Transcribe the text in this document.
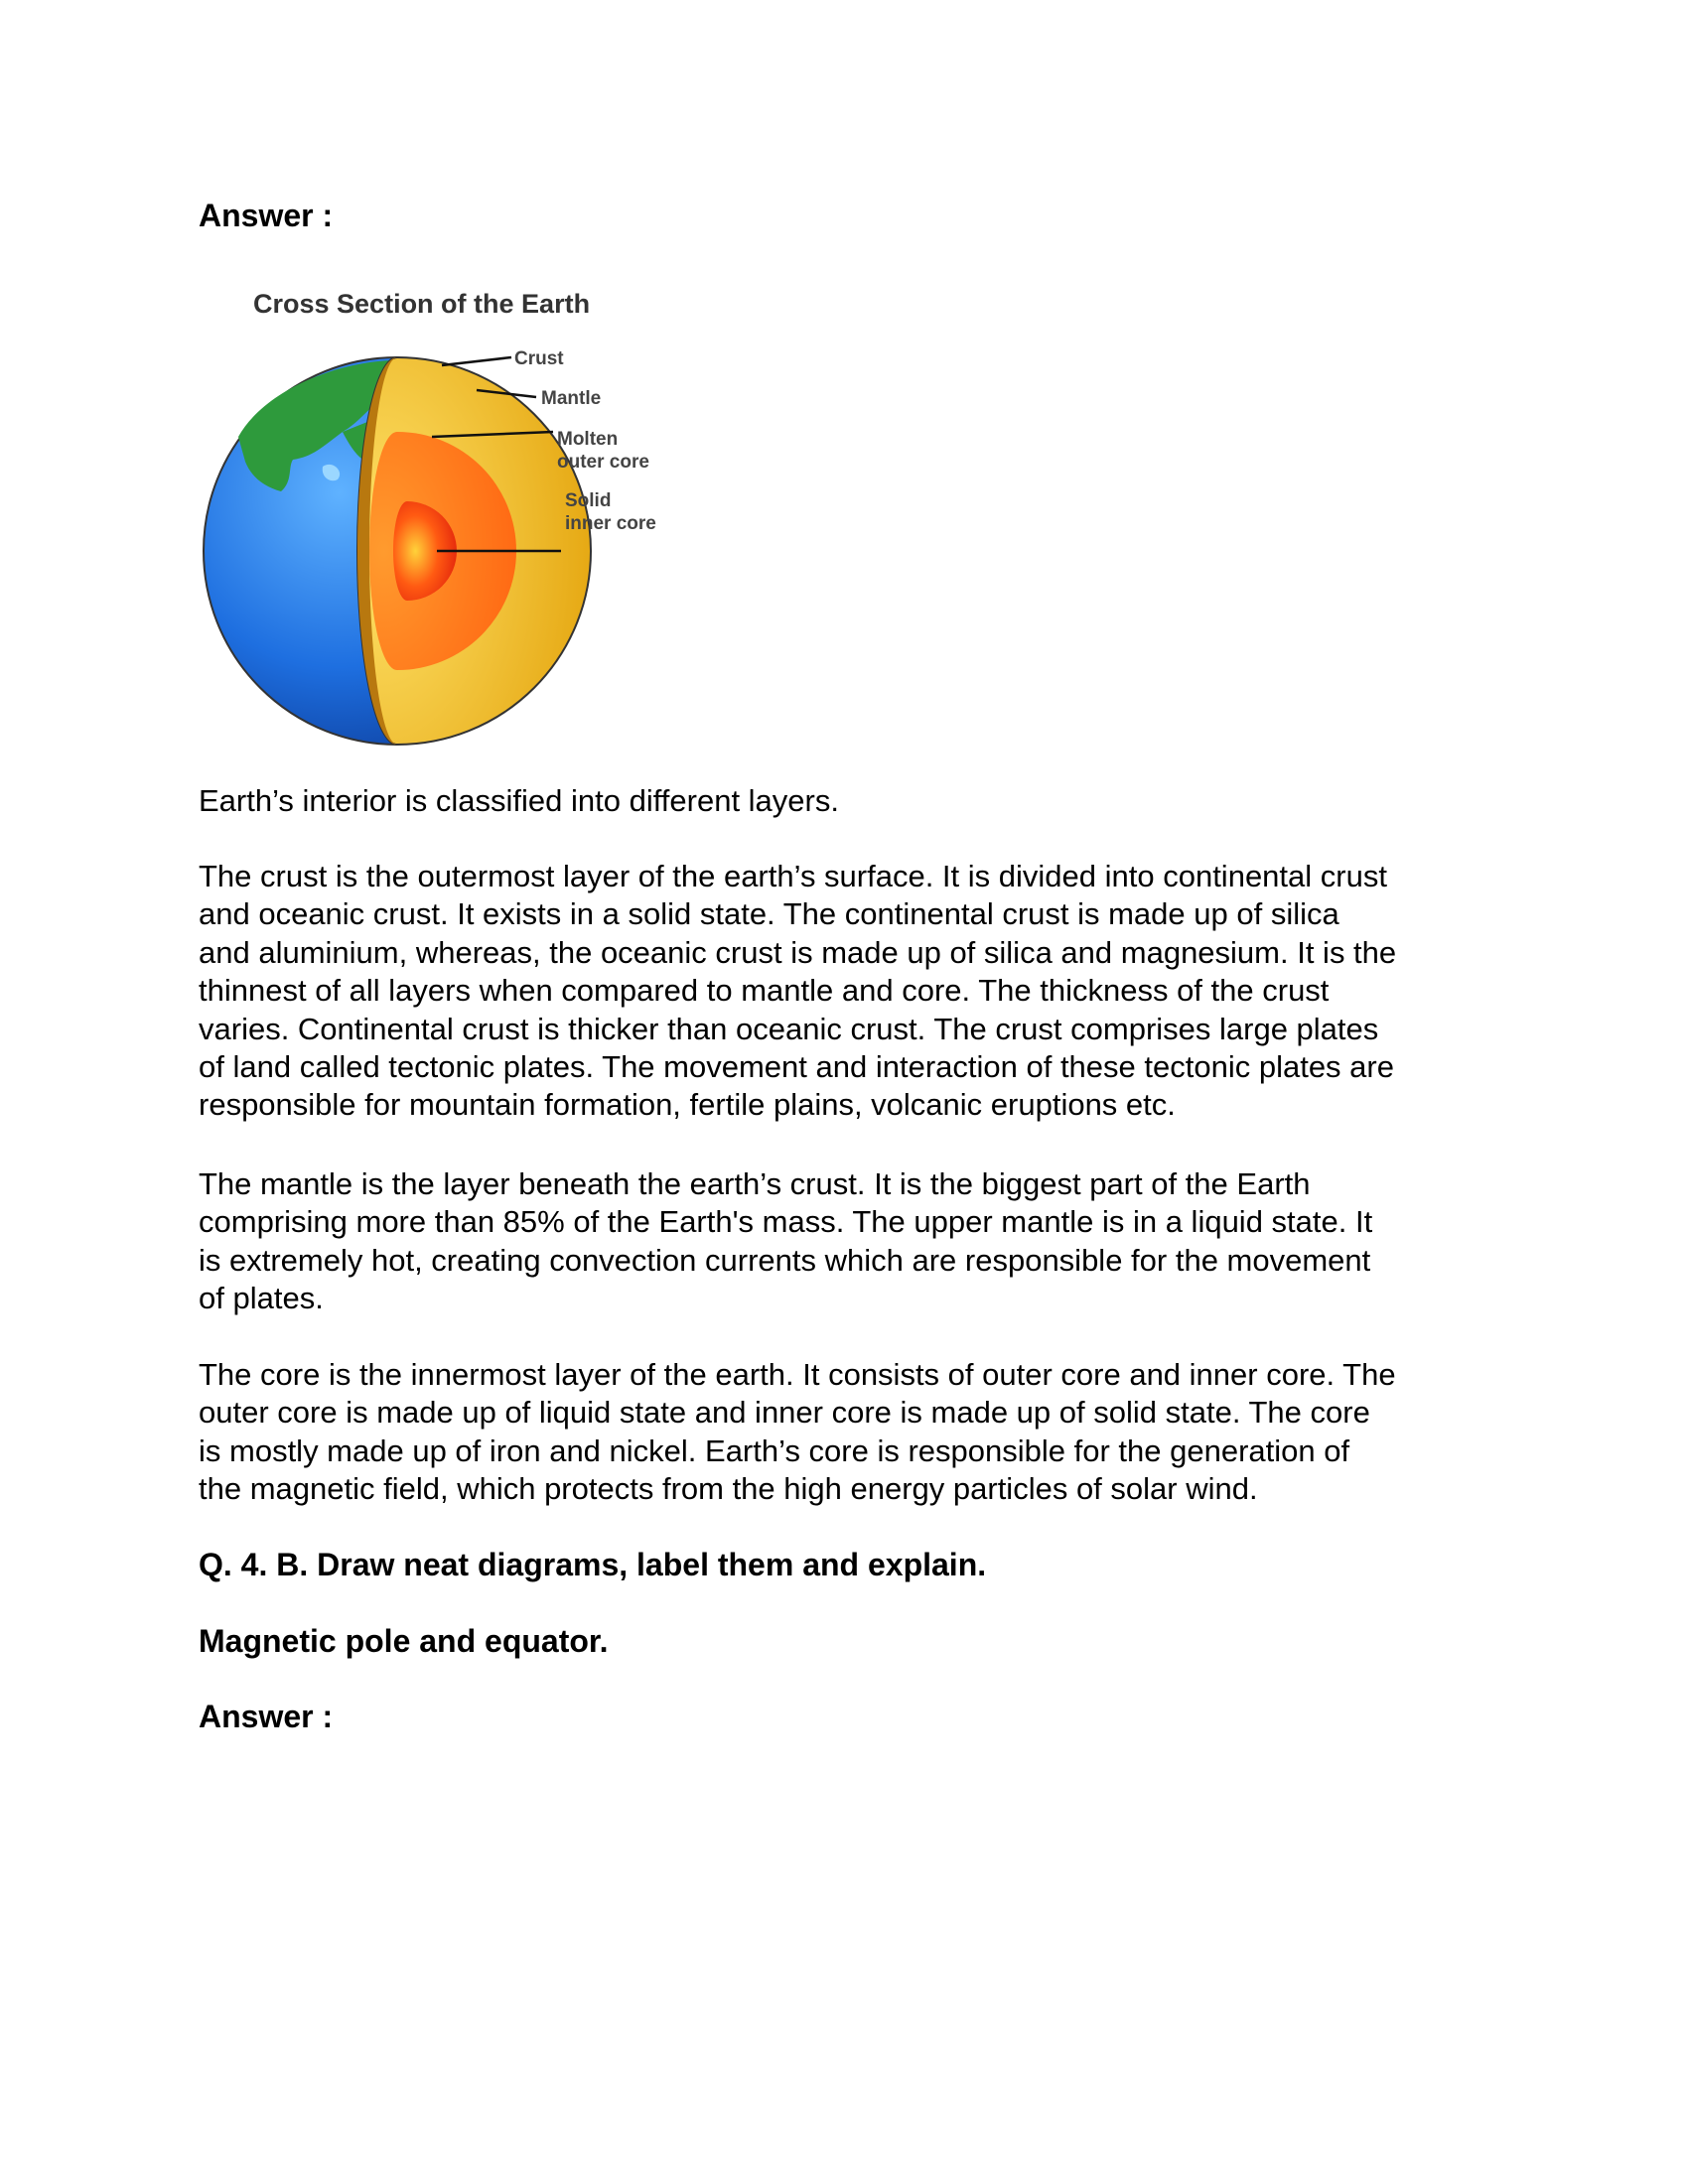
Answer :

Cross Section of the Earth
Crust
Mantle
Molten
outer core
Solid
inner core

Earth’s interior is classified into different layers.

The crust is the outermost layer of the earth’s surface. It is divided into continental crust
and oceanic crust. It exists in a solid state. The continental crust is made up of silica
and aluminium, whereas, the oceanic crust is made up of silica and magnesium. It is the
thinnest of all layers when compared to mantle and core. The thickness of the crust
varies. Continental crust is thicker than oceanic crust. The crust comprises large plates
of land called tectonic plates. The movement and interaction of these tectonic plates are
responsible for mountain formation, fertile plains, volcanic eruptions etc.

The mantle is the layer beneath the earth’s crust. It is the biggest part of the Earth
comprising more than 85% of the Earth's mass. The upper mantle is in a liquid state. It
is extremely hot, creating convection currents which are responsible for the movement
of plates.

The core is the innermost layer of the earth. It consists of outer core and inner core. The
outer core is made up of liquid state and inner core is made up of solid state. The core
is mostly made up of iron and nickel. Earth’s core is responsible for the generation of
the magnetic field, which protects from the high energy particles of solar wind.

Q. 4. B. Draw neat diagrams, label them and explain.

Magnetic pole and equator.

Answer :
